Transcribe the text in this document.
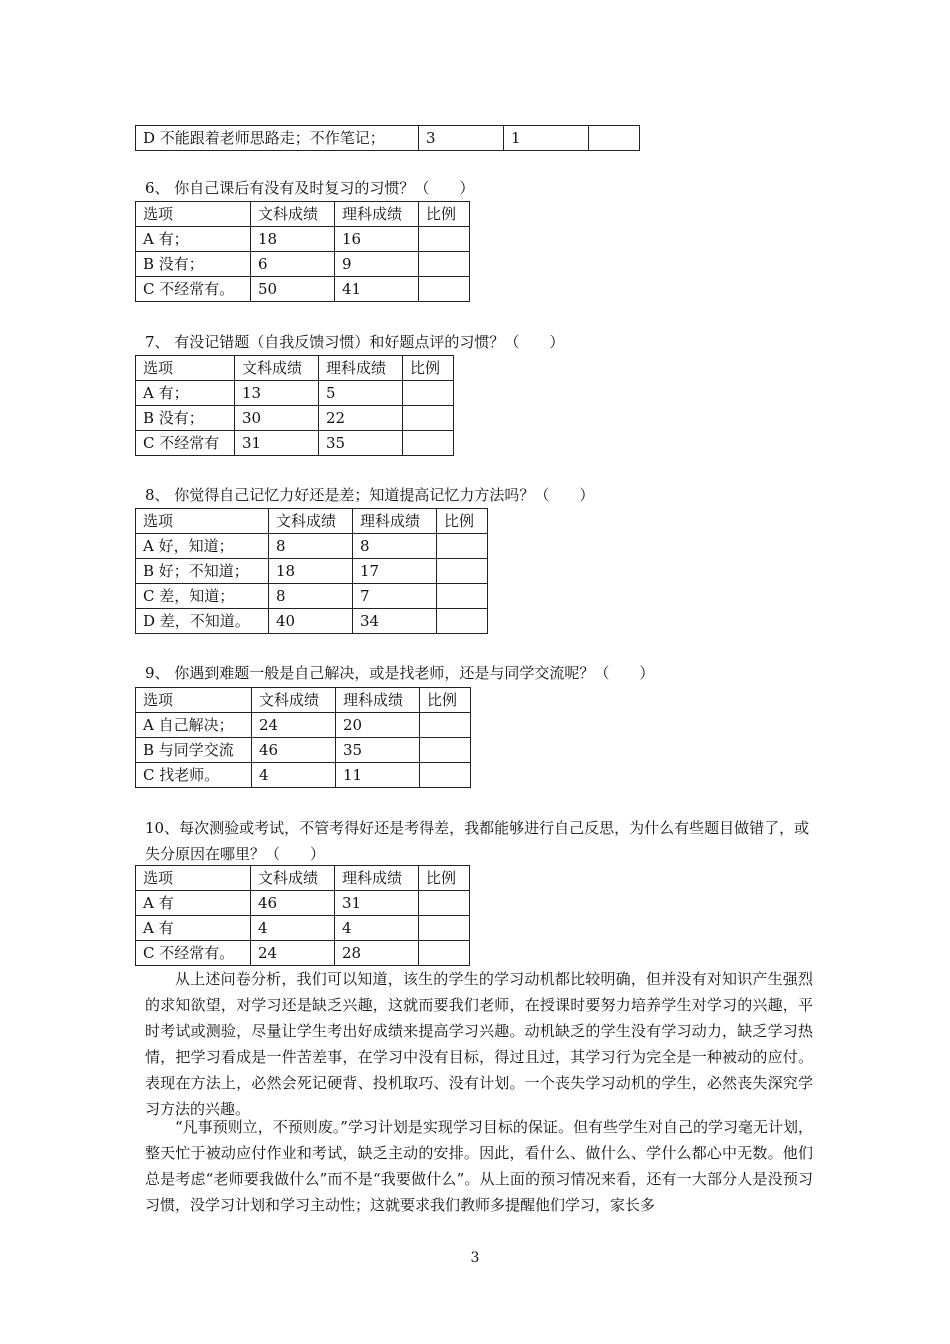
D 不能跟着老师思路走；不作笔记；	3	1	
6、 你自己课后有没有及时复习的习惯？（　　）
选项	文科成绩	理科成绩	比例
A 有；	18	16	
B 没有；	6	9	
C 不经常有。	50	41	
7、 有没记错题（自我反馈习惯）和好题点评的习惯？（　　）
选项	文科成绩	理科成绩	比例
A 有；	13	5	
B 没有；	30	22	
C 不经常有	31	35	
8、 你觉得自己记忆力好还是差；知道提高记忆力方法吗？（　　）
选项	文科成绩	理科成绩	比例
A 好，知道；	8	8	
B 好；不知道；	18	17	
C 差，知道；	8	7	
D 差，不知道。	40	34	
9、 你遇到难题一般是自己解决，或是找老师，还是与同学交流呢？（　　）
选项	文科成绩	理科成绩	比例
A 自己解决；	24	20	
B 与同学交流	46	35	
C 找老师。	4	11	
10、每次测验或考试，不管考得好还是考得差，我都能够进行自己反思，为什么有些题目做错了，或失分原因在哪里？（　　）
选项	文科成绩	理科成绩	比例
A 有	46	31	
A 有	4	4	
C 不经常有。	24	28	

从上述问卷分析，我们可以知道，该生的学生的学习动机都比较明确，但并没有对知识产生强烈的求知欲望，对学习还是缺乏兴趣，这就而要我们老师，在授课时要努力培养学生对学习的兴趣，平时考试或测验，尽量让学生考出好成绩来提高学习兴趣。动机缺乏的学生没有学习动力，缺乏学习热情，把学习看成是一件苦差事，在学习中没有目标，得过且过，其学习行为完全是一种被动的应付。表现在方法上，必然会死记硬背、投机取巧、没有计划。一个丧失学习动机的学生，必然丧失深究学习方法的兴趣。

“凡事预则立，不预则废。”学习计划是实现学习目标的保证。但有些学生对自己的学习毫无计划，整天忙于被动应付作业和考试，缺乏主动的安排。因此，看什么、做什么、学什么都心中无数。他们总是考虑“老师要我做什么”而不是“我要做什么”。从上面的预习情况来看，还有一大部分人是没预习习惯，没学习计划和学习主动性；这就要求我们教师多提醒他们学习，家长多

3
